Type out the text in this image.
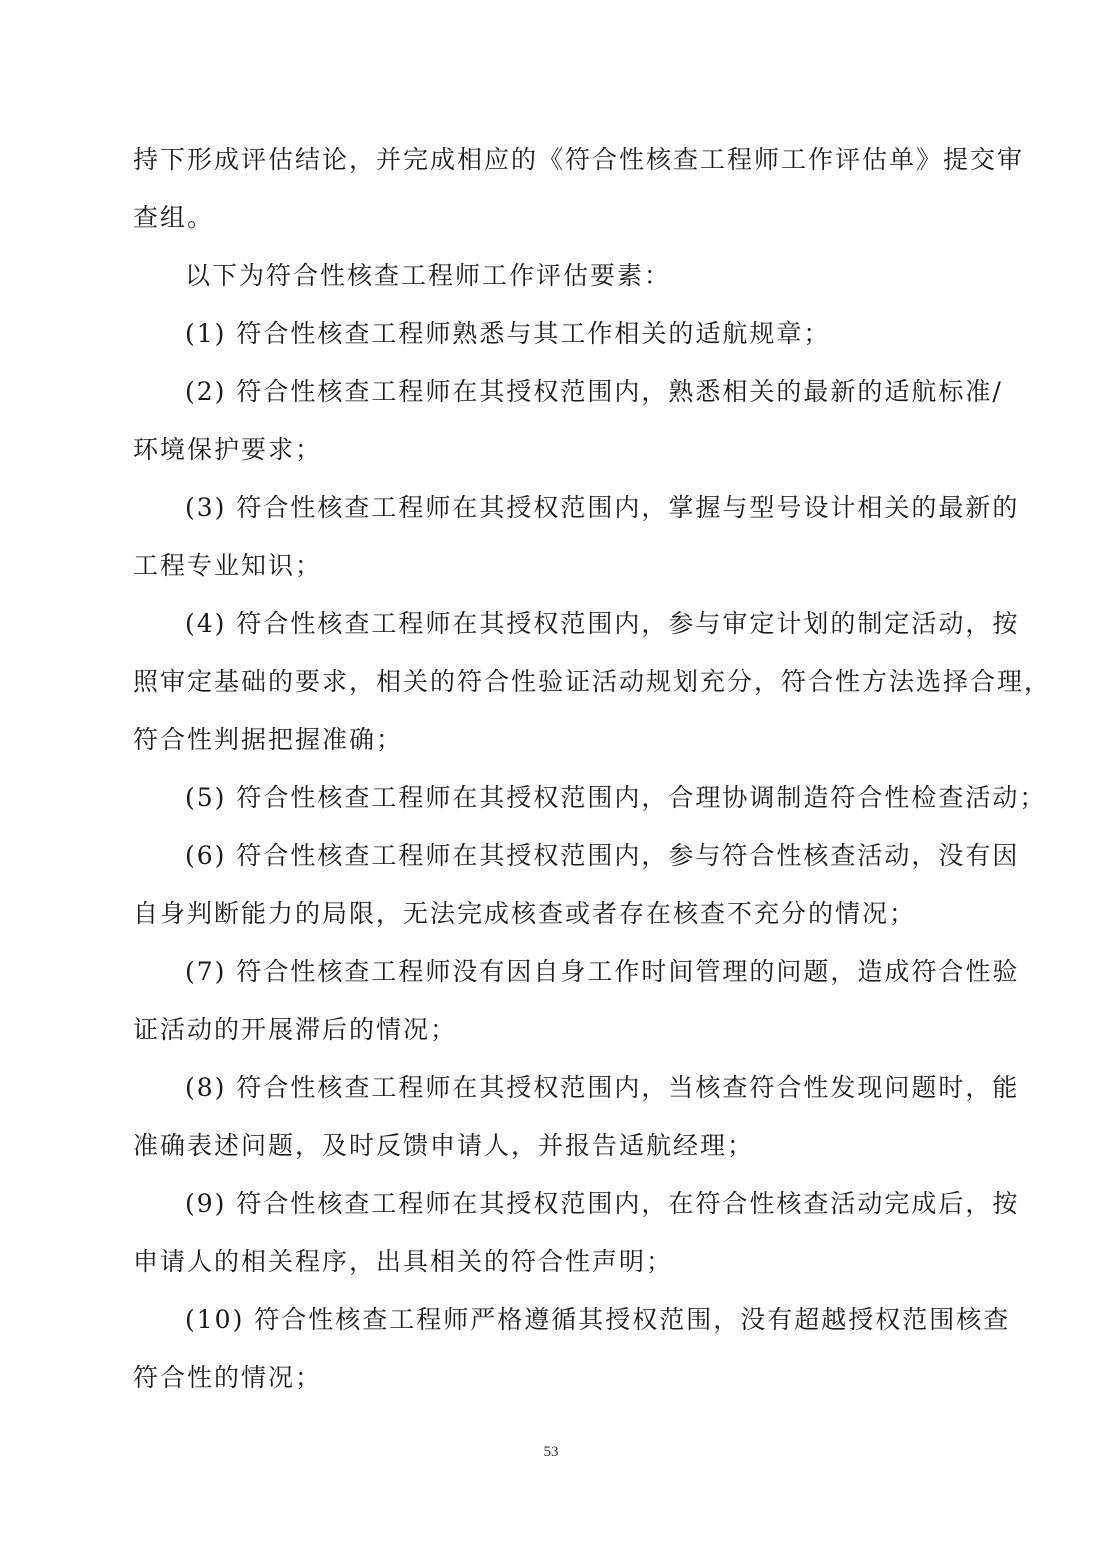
持下形成评估结论，并完成相应的《符合性核查工程师工作评估单》提交审
查组。
以下为符合性核查工程师工作评估要素：
(1) 符合性核查工程师熟悉与其工作相关的适航规章；
(2) 符合性核查工程师在其授权范围内，熟悉相关的最新的适航标准/
环境保护要求；
(3) 符合性核查工程师在其授权范围内，掌握与型号设计相关的最新的
工程专业知识；
(4) 符合性核查工程师在其授权范围内，参与审定计划的制定活动，按
照审定基础的要求，相关的符合性验证活动规划充分，符合性方法选择合理，
符合性判据把握准确；
(5) 符合性核查工程师在其授权范围内，合理协调制造符合性检查活动；
(6) 符合性核查工程师在其授权范围内，参与符合性核查活动，没有因
自身判断能力的局限，无法完成核查或者存在核查不充分的情况；
(7) 符合性核查工程师没有因自身工作时间管理的问题，造成符合性验
证活动的开展滞后的情况；
(8) 符合性核查工程师在其授权范围内，当核查符合性发现问题时，能
准确表述问题，及时反馈申请人，并报告适航经理；
(9) 符合性核查工程师在其授权范围内，在符合性核查活动完成后，按
申请人的相关程序，出具相关的符合性声明；
(10) 符合性核查工程师严格遵循其授权范围，没有超越授权范围核查
符合性的情况；
53
